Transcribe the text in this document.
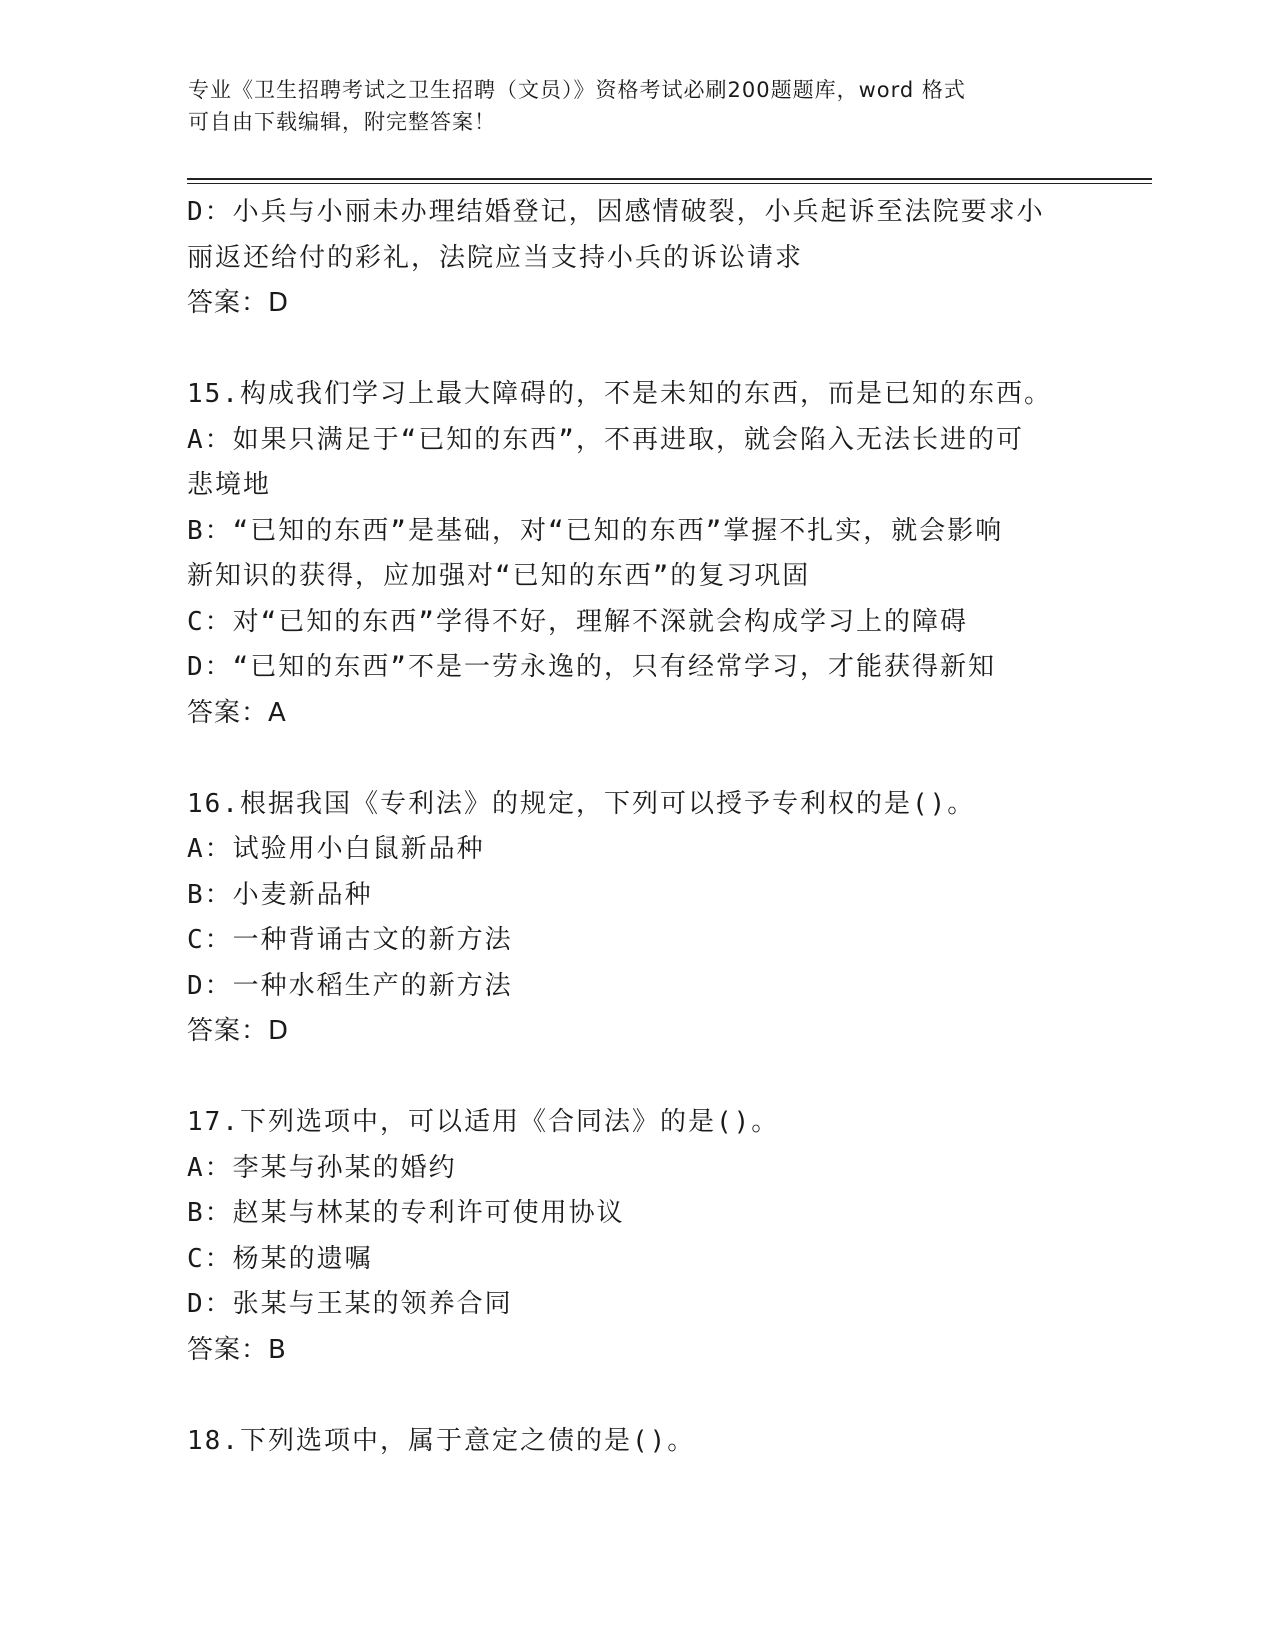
专业《卫生招聘考试之卫生招聘（文员）》资格考试必刷200题题库，word 格式
可自由下载编辑，附完整答案！
D：小兵与小丽未办理结婚登记，因感情破裂，小兵起诉至法院要求小
丽返还给付的彩礼，法院应当支持小兵的诉讼请求
答案：D
15.构成我们学习上最大障碍的，不是未知的东西，而是已知的东西。
A：如果只满足于“已知的东西”，不再进取，就会陷入无法长进的可
悲境地
B：“已知的东西”是基础，对“已知的东西”掌握不扎实，就会影响
新知识的获得，应加强对“已知的东西”的复习巩固
C：对“已知的东西”学得不好，理解不深就会构成学习上的障碍
D：“已知的东西”不是一劳永逸的，只有经常学习，才能获得新知
答案：A
16.根据我国《专利法》的规定，下列可以授予专利权的是()。
A：试验用小白鼠新品种
B：小麦新品种
C：一种背诵古文的新方法
D：一种水稻生产的新方法
答案：D
17.下列选项中，可以适用《合同法》的是()。
A：李某与孙某的婚约
B：赵某与林某的专利许可使用协议
C：杨某的遗嘱
D：张某与王某的领养合同
答案：B
18.下列选项中，属于意定之债的是()。
